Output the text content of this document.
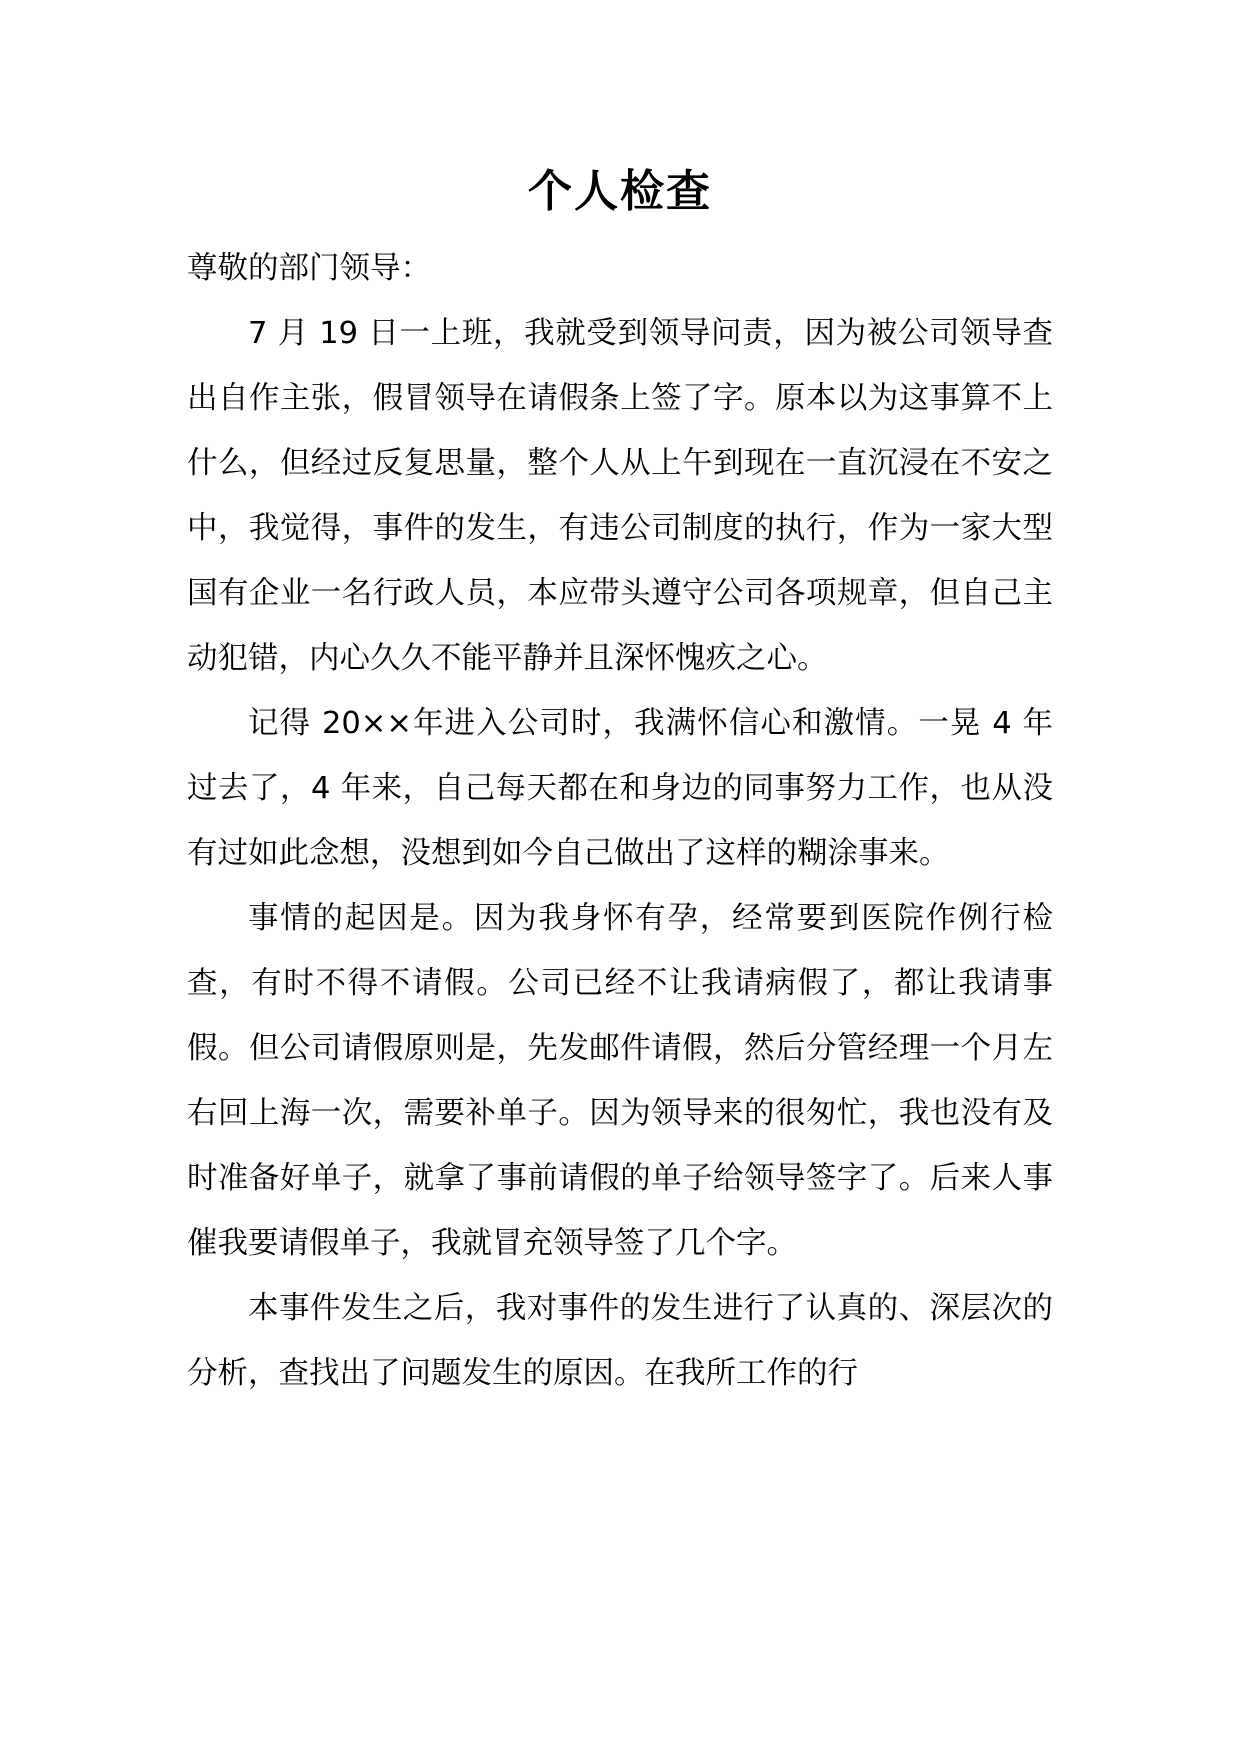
个人检查

尊敬的部门领导：

7 月 19 日一上班，我就受到领导问责，因为被公司领导查出自作主张，假冒领导在请假条上签了字。原本以为这事算不上什么，但经过反复思量，整个人从上午到现在一直沉浸在不安之中，我觉得，事件的发生，有违公司制度的执行，作为一家大型国有企业一名行政人员，本应带头遵守公司各项规章，但自己主动犯错，内心久久不能平静并且深怀愧疚之心。

记得 20××年进入公司时，我满怀信心和激情。一晃 4 年过去了，4 年来，自己每天都在和身边的同事努力工作，也从没有过如此念想，没想到如今自己做出了这样的糊涂事来。

事情的起因是。因为我身怀有孕，经常要到医院作例行检查，有时不得不请假。公司已经不让我请病假了，都让我请事假。但公司请假原则是，先发邮件请假，然后分管经理一个月左右回上海一次，需要补单子。因为领导来的很匆忙，我也没有及时准备好单子，就拿了事前请假的单子给领导签字了。后来人事催我要请假单子，我就冒充领导签了几个字。

本事件发生之后，我对事件的发生进行了认真的、深层次的分析，查找出了问题发生的原因。在我所工作的行
